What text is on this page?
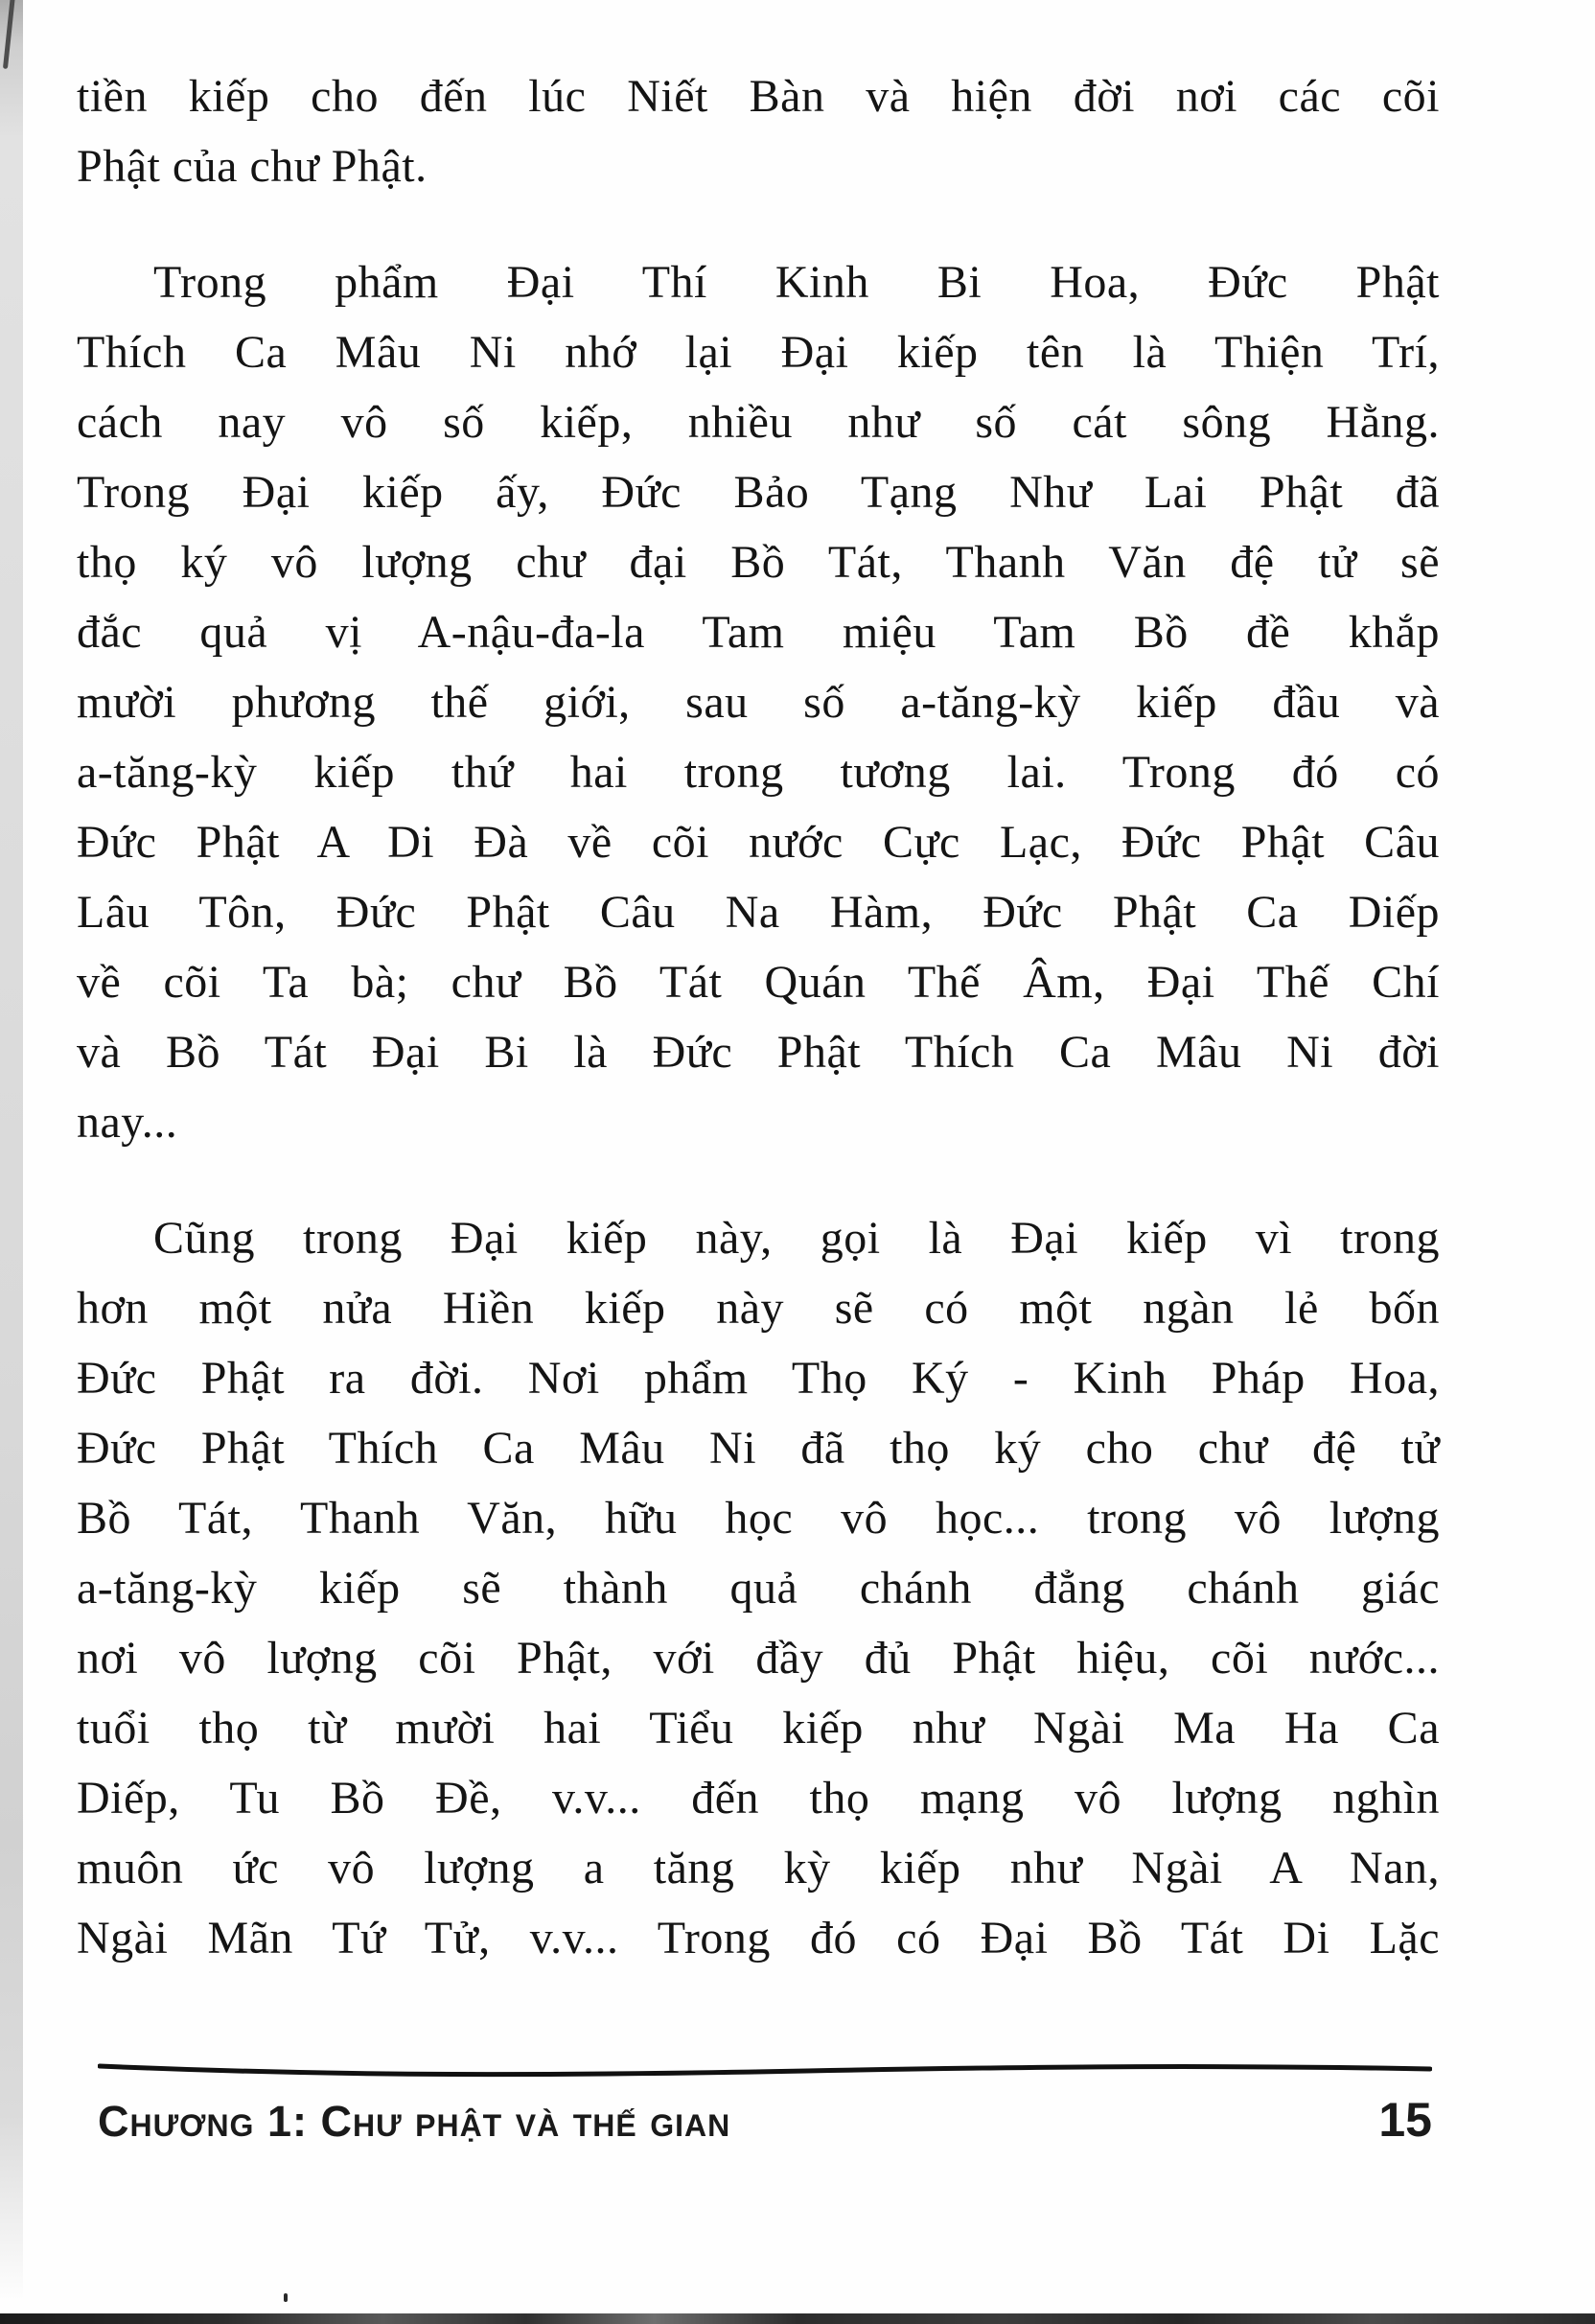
tiền kiếp cho đến lúc Niết Bàn và hiện đời nơi các cõi
Phật của chư Phật.

Trong phẩm Đại Thí Kinh Bi Hoa, Đức Phật
Thích Ca Mâu Ni nhớ lại Đại kiếp tên là Thiện Trí,
cách nay vô số kiếp, nhiều như số cát sông Hằng.
Trong Đại kiếp ấy, Đức Bảo Tạng Như Lai Phật đã
thọ ký vô lượng chư đại Bồ Tát, Thanh Văn đệ tử sẽ
đắc quả vị A-nậu-đa-la Tam miệu Tam Bồ đề khắp
mười phương thế giới, sau số a-tăng-kỳ kiếp đầu và
a-tăng-kỳ kiếp thứ hai trong tương lai. Trong đó có
Đức Phật A Di Đà về cõi nước Cực Lạc, Đức Phật Câu
Lâu Tôn, Đức Phật Câu Na Hàm, Đức Phật Ca Diếp
về cõi Ta bà; chư Bồ Tát Quán Thế Âm, Đại Thế Chí
và Bồ Tát Đại Bi là Đức Phật Thích Ca Mâu Ni đời
nay...

Cũng trong Đại kiếp này, gọi là Đại kiếp vì trong
hơn một nửa Hiền kiếp này sẽ có một ngàn lẻ bốn
Đức Phật ra đời. Nơi phẩm Thọ Ký - Kinh Pháp Hoa,
Đức Phật Thích Ca Mâu Ni đã thọ ký cho chư đệ tử
Bồ Tát, Thanh Văn, hữu học vô học... trong vô lượng
a-tăng-kỳ kiếp sẽ thành quả chánh đẳng chánh giác
nơi vô lượng cõi Phật, với đầy đủ Phật hiệu, cõi nước...
tuổi thọ từ mười hai Tiểu kiếp như Ngài Ma Ha Ca
Diếp, Tu Bồ Đề, v.v... đến thọ mạng vô lượng nghìn
muôn ức vô lượng a tăng kỳ kiếp như Ngài A Nan,
Ngài Mãn Tứ Tử, v.v... Trong đó có Đại Bồ Tát Di Lặc

Chương 1: Chư phật và thế gian	15
